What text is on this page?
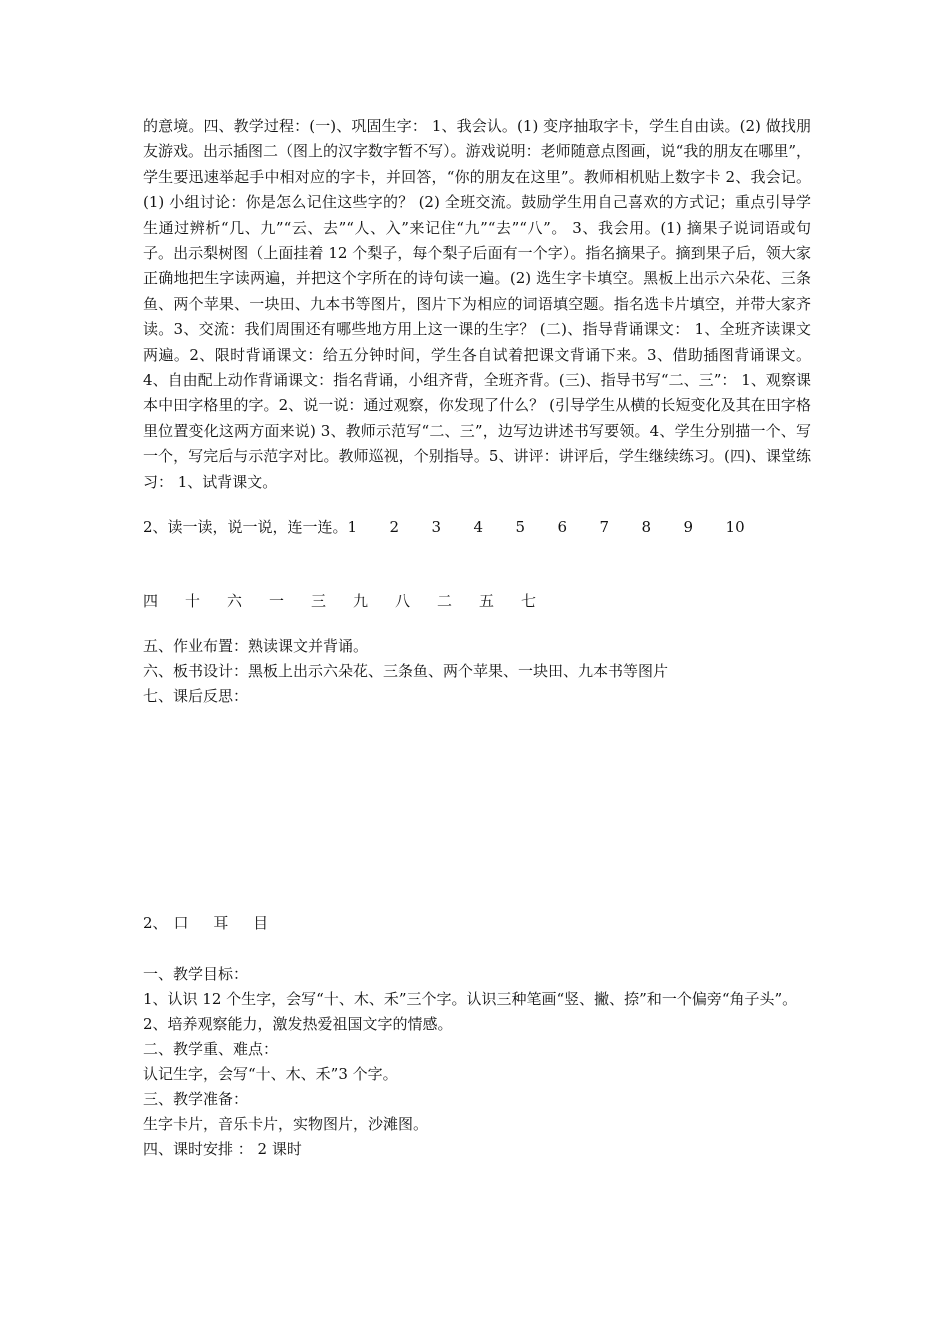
的意境。四、教学过程：(一)、巩固生字： 1、我会认。(1) 变序抽取字卡，学生自由读。(2) 做找朋友游戏。出示插图二（图上的汉字数字暂不写）。游戏说明：老师随意点图画，说“我的朋友在哪里”，学生要迅速举起手中相对应的字卡，并回答，“你的朋友在这里”。教师相机贴上数字卡 2、我会记。(1) 小组讨论：你是怎么记住这些字的？ (2) 全班交流。鼓励学生用自己喜欢的方式记；重点引导学生通过辨析“几、九”“云、去”“人、入”来记住“九”“去”“八”。 3、我会用。(1) 摘果子说词语或句子。出示梨树图（上面挂着 12 个梨子，每个梨子后面有一个字）。指名摘果子。摘到果子后，领大家正确地把生字读两遍，并把这个字所在的诗句读一遍。(2) 选生字卡填空。黑板上出示六朵花、三条鱼、两个苹果、一块田、九本书等图片，图片下为相应的词语填空题。指名选卡片填空，并带大家齐读。3、交流：我们周围还有哪些地方用上这一课的生字？ (二)、指导背诵课文： 1、全班齐读课文两遍。2、限时背诵课文：给五分钟时间，学生各自试着把课文背诵下来。3、借助插图背诵课文。4、自由配上动作背诵课文：指名背诵，小组齐背，全班齐背。(三)、指导书写“二、三”： 1、观察课本中田字格里的字。2、说一说：通过观察，你发现了什么？ (引导学生从横的长短变化及其在田字格里位置变化这两方面来说) 3、教师示范写“二、三”，边写边讲述书写要领。4、学生分别描一个、写一个，写完后与示范字对比。教师巡视，个别指导。5、讲评：讲评后，学生继续练习。(四)、课堂练习： 1、试背课文。

2、读一读，说一说，连一连。1 2 3 4 5 6 7 8 9 10
四 十 六 一 三 九 八 二 五 七

五、作业布置：熟读课文并背诵。

六、板书设计：黑板上出示六朵花、三条鱼、两个苹果、一块田、九本书等图片

七、课后反思：

2、 口 耳 目

一、教学目标：

1、认识 12 个生字，会写“十、木、禾”三个字。认识三种笔画“竖、撇、捺”和一个偏旁“角子头”。

2、培养观察能力，激发热爱祖国文字的情感。

二、教学重、难点：

认记生字，会写“十、木、禾”3 个字。

三、教学准备：

生字卡片，音乐卡片，实物图片，沙滩图。

四、课时安排 ： 2 课时
